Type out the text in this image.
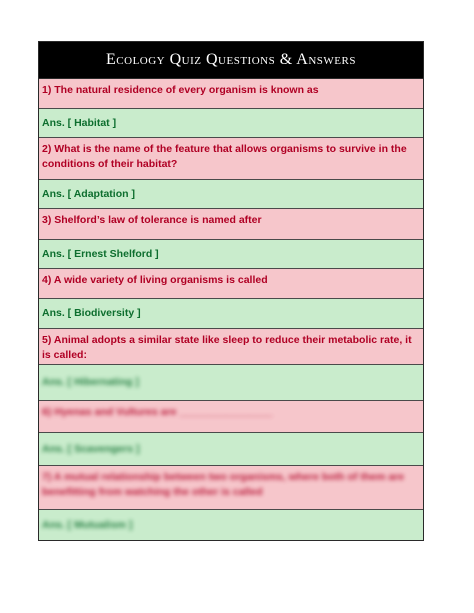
Ecology Quiz Questions & Answers
1) The natural residence of every organism is known as
Ans. [ Habitat ]
2) What is the name of the feature that allows organisms to survive in the conditions of their habitat?
Ans. [ Adaptation ]
3) Shelford’s law of tolerance is named after
Ans. [ Ernest Shelford ]
4) A wide variety of living organisms is called
Ans. [ Biodiversity ]
5) Animal adopts a similar state like sleep to reduce their metabolic rate, it is called:
Ans. [ Hibernating ]
6) Hyenas and Vultures are ________________
Ans. [ Scavengers ]
7) A mutual relationship between two organisms, where both of them are benefitting from watching the other is called
Ans. [ Mutualism ]
